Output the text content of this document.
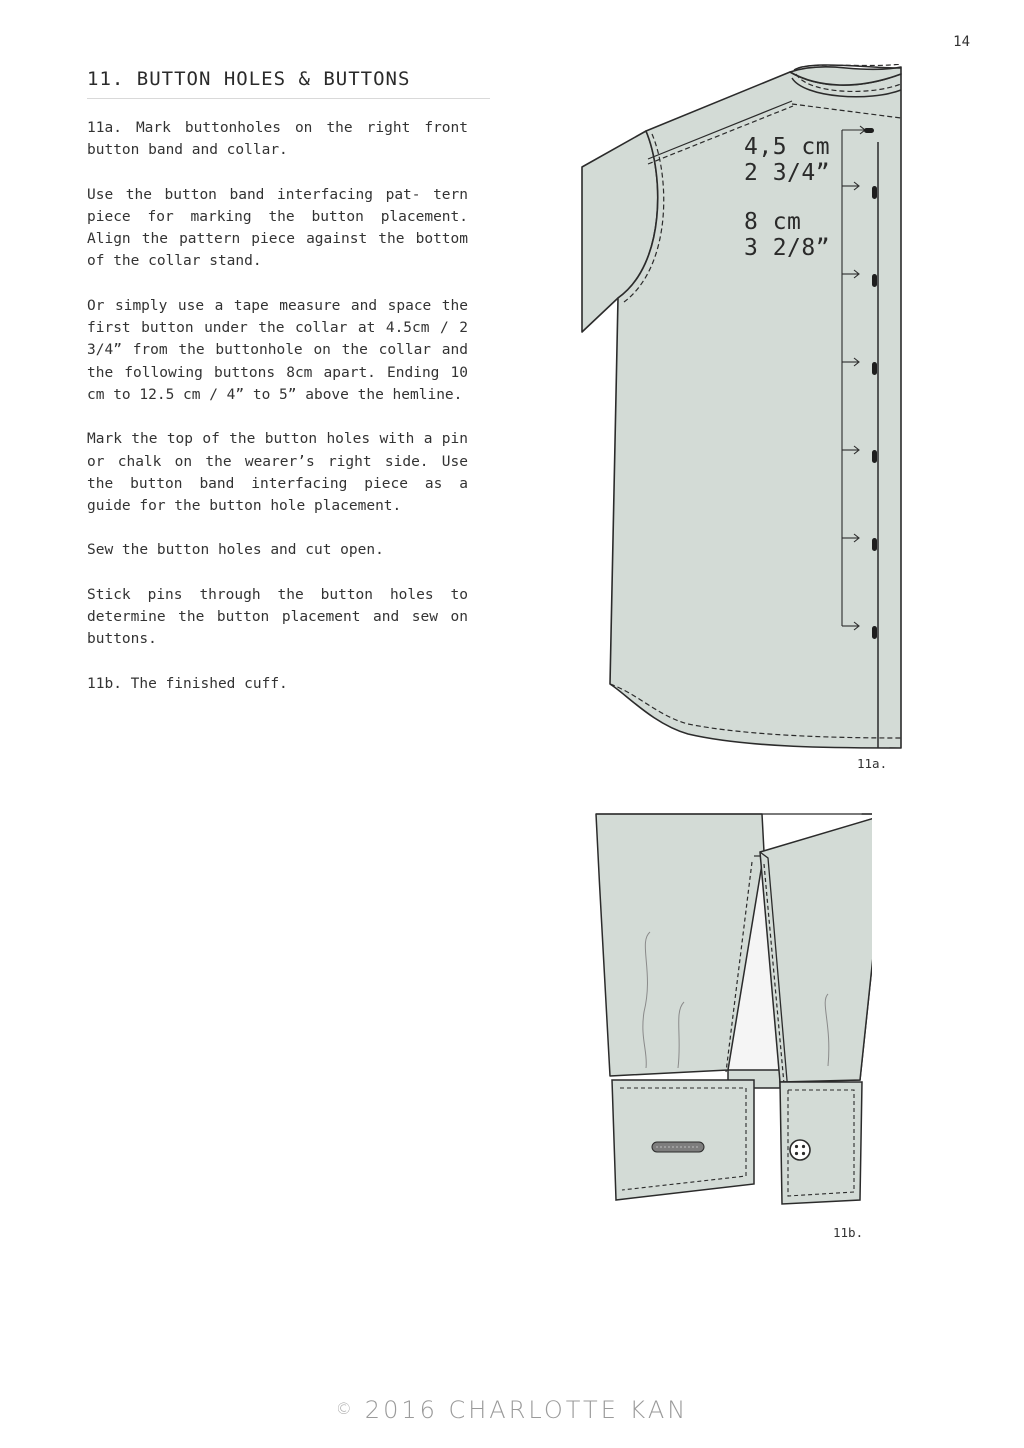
14
11. BUTTON HOLES & BUTTONS

11a. Mark buttonholes on the right front button band and collar.

Use the button band interfacing pat- tern piece for marking the button placement. Align the pattern piece against the bottom of the collar stand.

Or simply use a tape measure and space the first button under the collar at 4.5cm / 2 3/4” from the buttonhole on the collar and the following buttons 8cm apart. Ending 10 cm to 12.5 cm / 4” to 5” above the hemline.

Mark the top of the button holes with a pin or chalk on the wearer’s right side. Use the button band interfacing piece as a guide for the button hole placement.

Sew the button holes and cut open.

Stick pins through the button holes to determine the button placement and sew on buttons.

11b. The finished cuff.

4,5 cm
2 3/4”
8 cm
3 2/8”
11a.
11b.
© 2016 CHARLOTTE KAN
